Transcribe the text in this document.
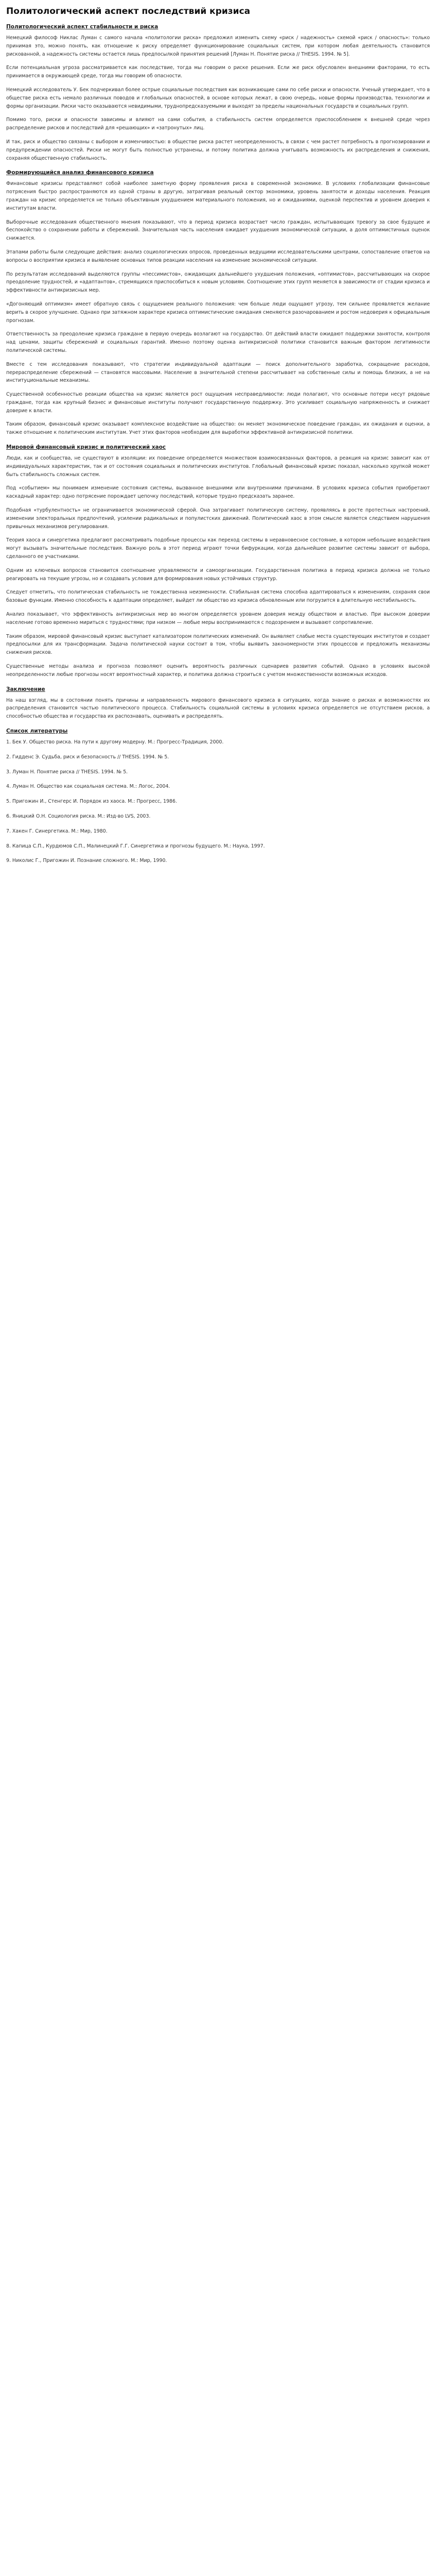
Политологический аспект последствий кризиса
Политологический аспект стабильности и риска

Немецкий философ Никлас Луман с самого начала «политологии риска» предложил изменить схему «риск / надежность» схемой «риск / опасность»: только принимая это, можно понять, как отношение к риску определяет функционирование социальных систем, при котором любая деятельность становится рискованной, а надежность системы остается лишь предпосылкой принятия решений [Луман Н. Понятие риска // THESIS. 1994. № 5].

Если потенциальная угроза рассматривается как последствие, тогда мы говорим о риске решения. Если же риск обусловлен внешними факторами, то есть принимается в окружающей среде, тогда мы говорим об опасности.

Немецкий исследователь У. Бек подчеркивал более острые социальные последствия как возникающие сами по себе риски и опасности. Ученый утверждает, что в обществе риска есть немало различных поводов и глобальных опасностей, в основе которых лежат, в свою очередь, новые формы производства, технологии и формы организации. Риски часто оказываются невидимыми, труднопредсказуемыми и выходят за пределы национальных государств и социальных групп.

Помимо того, риски и опасности зависимы и влияют на сами события, а стабильность систем определяется приспособлением к внешней среде через распределение рисков и последствий для «решающих» и «затронутых» лиц.

И так, риск и общество связаны с выбором и изменчивостью: в обществе риска растет неопределенность, в связи с чем растет потребность в прогнозировании и предупреждении опасностей. Риски не могут быть полностью устранены, и потому политика должна учитывать возможность их распределения и снижения, сохраняя общественную стабильность.

Формирующийся анализ финансового кризиса

Финансовые кризисы представляют собой наиболее заметную форму проявления риска в современной экономике. В условиях глобализации финансовые потрясения быстро распространяются из одной страны в другую, затрагивая реальный сектор экономики, уровень занятости и доходы населения. Реакция граждан на кризис определяется не только объективным ухудшением материального положения, но и ожиданиями, оценкой перспектив и уровнем доверия к институтам власти.

Выборочные исследования общественного мнения показывают, что в период кризиса возрастает число граждан, испытывающих тревогу за свое будущее и беспокойство о сохранении работы и сбережений. Значительная часть населения ожидает ухудшения экономической ситуации, а доля оптимистичных оценок снижается.

Этапами работы были следующие действия: анализ социологических опросов, проведенных ведущими исследовательскими центрами, сопоставление ответов на вопросы о восприятии кризиса и выявление основных типов реакции населения на изменение экономической ситуации.

По результатам исследований выделяются группы «пессимистов», ожидающих дальнейшего ухудшения положения, «оптимистов», рассчитывающих на скорое преодоление трудностей, и «адаптантов», стремящихся приспособиться к новым условиям. Соотношение этих групп меняется в зависимости от стадии кризиса и эффективности антикризисных мер.

«Догоняющий оптимизм» имеет обратную связь с ощущением реального положения: чем больше люди ощущают угрозу, тем сильнее проявляется желание верить в скорое улучшение. Однако при затяжном характере кризиса оптимистические ожидания сменяются разочарованием и ростом недоверия к официальным прогнозам.

Ответственность за преодоление кризиса граждане в первую очередь возлагают на государство. От действий власти ожидают поддержки занятости, контроля над ценами, защиты сбережений и социальных гарантий. Именно поэтому оценка антикризисной политики становится важным фактором легитимности политической системы.

Вместе с тем исследования показывают, что стратегии индивидуальной адаптации — поиск дополнительного заработка, сокращение расходов, перераспределение сбережений — становятся массовыми. Население в значительной степени рассчитывает на собственные силы и помощь близких, а не на институциональные механизмы.

Существенной особенностью реакции общества на кризис является рост ощущения несправедливости: люди полагают, что основные потери несут рядовые граждане, тогда как крупный бизнес и финансовые институты получают государственную поддержку. Это усиливает социальную напряженность и снижает доверие к власти.

Таким образом, финансовый кризис оказывает комплексное воздействие на общество: он меняет экономическое поведение граждан, их ожидания и оценки, а также отношение к политическим институтам. Учет этих факторов необходим для выработки эффективной антикризисной политики.

Мировой финансовый кризис и политический хаос

Люди, как и сообщества, не существуют в изоляции: их поведение определяется множеством взаимосвязанных факторов, а реакция на кризис зависит как от индивидуальных характеристик, так и от состояния социальных и политических институтов. Глобальный финансовый кризис показал, насколько хрупкой может быть стабильность сложных систем.

Под «событием» мы понимаем изменение состояния системы, вызванное внешними или внутренними причинами. В условиях кризиса события приобретают каскадный характер: одно потрясение порождает цепочку последствий, которые трудно предсказать заранее.

Подобная «турбулентность» не ограничивается экономической сферой. Она затрагивает политическую систему, проявляясь в росте протестных настроений, изменении электоральных предпочтений, усилении радикальных и популистских движений. Политический хаос в этом смысле является следствием нарушения привычных механизмов регулирования.

Теория хаоса и синергетика предлагают рассматривать подобные процессы как переход системы в неравновесное состояние, в котором небольшие воздействия могут вызывать значительные последствия. Важную роль в этот период играют точки бифуркации, когда дальнейшее развитие системы зависит от выбора, сделанного ее участниками.

Одним из ключевых вопросов становится соотношение управляемости и самоорганизации. Государственная политика в период кризиса должна не только реагировать на текущие угрозы, но и создавать условия для формирования новых устойчивых структур.

Следует отметить, что политическая стабильность не тождественна неизменности. Стабильная система способна адаптироваться к изменениям, сохраняя свои базовые функции. Именно способность к адаптации определяет, выйдет ли общество из кризиса обновленным или погрузится в длительную нестабильность.

Анализ показывает, что эффективность антикризисных мер во многом определяется уровнем доверия между обществом и властью. При высоком доверии население готово временно мириться с трудностями; при низком — любые меры воспринимаются с подозрением и вызывают сопротивление.

Таким образом, мировой финансовый кризис выступает катализатором политических изменений. Он выявляет слабые места существующих институтов и создает предпосылки для их трансформации. Задача политической науки состоит в том, чтобы выявить закономерности этих процессов и предложить механизмы снижения рисков.

Существенные методы анализа и прогноза позволяют оценить вероятность различных сценариев развития событий. Однако в условиях высокой неопределенности любые прогнозы носят вероятностный характер, и политика должна строиться с учетом множественности возможных исходов.

Заключение

На наш взгляд, мы в состоянии понять причины и направленность мирового финансового кризиса в ситуациях, когда знание о рисках и возможностях их распределения становится частью политического процесса. Стабильность социальной системы в условиях кризиса определяется не отсутствием рисков, а способностью общества и государства их распознавать, оценивать и распределять.

Список литературы
1. Бек У. Общество риска. На пути к другому модерну. М.: Прогресс-Традиция, 2000.
2. Гидденс Э. Судьба, риск и безопасность // THESIS. 1994. № 5.
3. Луман Н. Понятие риска // THESIS. 1994. № 5.
4. Луман Н. Общество как социальная система. М.: Логос, 2004.
5. Пригожин И., Стенгерс И. Порядок из хаоса. М.: Прогресс, 1986.
6. Яницкий О.Н. Социология риска. М.: Изд-во LVS, 2003.
7. Хакен Г. Синергетика. М.: Мир, 1980.
8. Капица С.П., Курдюмов С.П., Малинецкий Г.Г. Синергетика и прогнозы будущего. М.: Наука, 1997.
9. Николис Г., Пригожин И. Познание сложного. М.: Мир, 1990.
